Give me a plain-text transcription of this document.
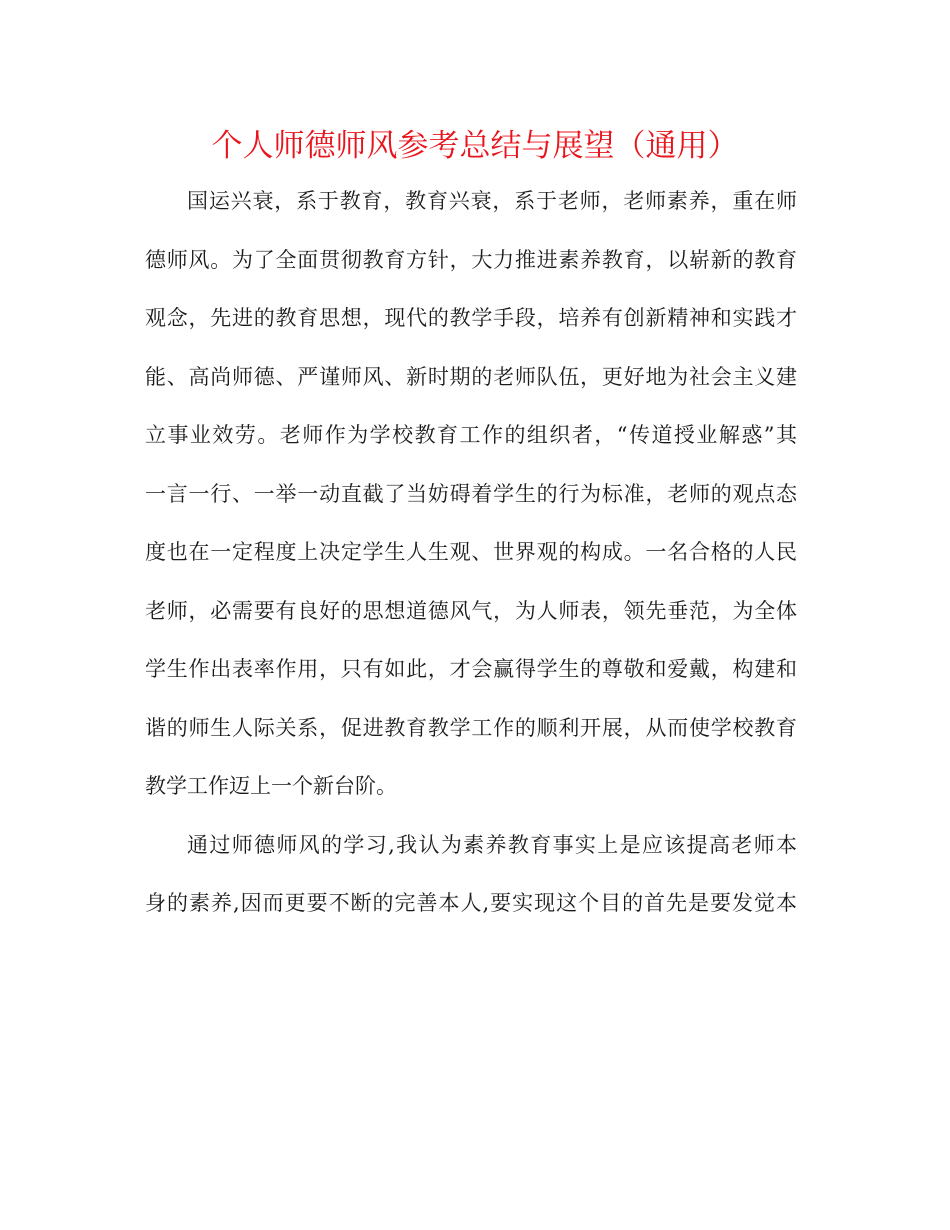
个人师德师风参考总结与展望（通用）
国运兴衰，系于教育，教育兴衰，系于老师，老师素养，重在师
德师风。为了全面贯彻教育方针，大力推进素养教育，以崭新的教育
观念，先进的教育思想，现代的教学手段，培养有创新精神和实践才
能、高尚师德、严谨师风、新时期的老师队伍，更好地为社会主义建
立事业效劳。老师作为学校教育工作的组织者，“传道授业解惑”其
一言一行、一举一动直截了当妨碍着学生的行为标准，老师的观点态
度也在一定程度上决定学生人生观、世界观的构成。一名合格的人民
老师，必需要有良好的思想道德风气，为人师表，领先垂范，为全体
学生作出表率作用，只有如此，才会赢得学生的尊敬和爱戴，构建和
谐的师生人际关系，促进教育教学工作的顺利开展，从而使学校教育
教学工作迈上一个新台阶。
通过师德师风的学习,我认为素养教育事实上是应该提高老师本
身的素养,因而更要不断的完善本人,要实现这个目的首先是要发觉本
